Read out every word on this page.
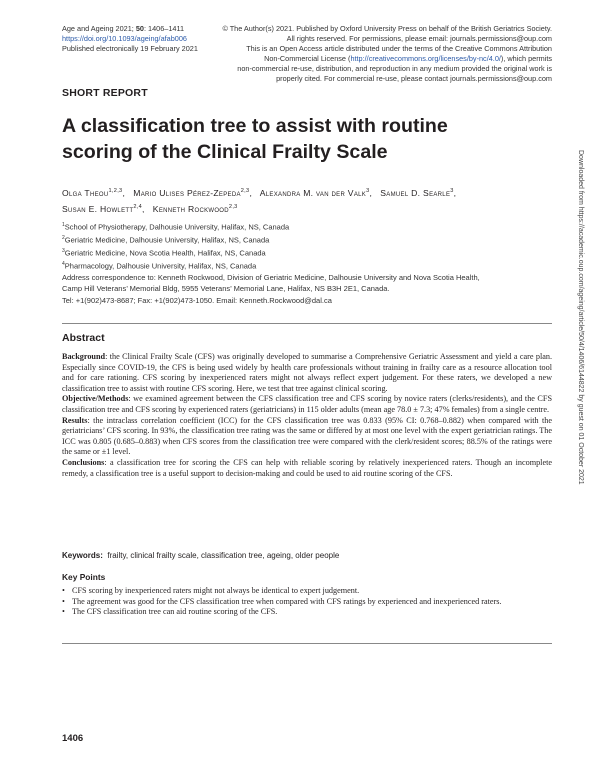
Age and Ageing 2021; 50: 1406–1411
https://doi.org/10.1093/ageing/afab006
Published electronically 19 February 2021
© The Author(s) 2021. Published by Oxford University Press on behalf of the British Geriatrics Society.
All rights reserved. For permissions, please email: journals.permissions@oup.com
This is an Open Access article distributed under the terms of the Creative Commons Attribution
Non-Commercial License (http://creativecommons.org/licenses/by-nc/4.0/), which permits
non-commercial re-use, distribution, and reproduction in any medium provided the original work is
properly cited. For commercial re-use, please contact journals.permissions@oup.com
SHORT REPORT
A classification tree to assist with routine
scoring of the Clinical Frailty Scale
Olga Theou$^{1,2,3}$,   Mario Ulises Pérez-Zepeda$^{2,3}$,   Alexandra M. van der Valk$^3$,   Samuel D. Searle$^3$,
Susan E. Howlett$^{2,4}$,   Kenneth Rockwood$^{2,3}$
$^1$School of Physiotherapy, Dalhousie University, Halifax, NS, Canada
$^2$Geriatric Medicine, Dalhousie University, Halifax, NS, Canada
$^3$Geriatric Medicine, Nova Scotia Health, Halifax, NS, Canada
$^4$Pharmacology, Dalhousie University, Halifax, NS, Canada
Address correspondence to: Kenneth Rockwood, Division of Geriatric Medicine, Dalhousie University and Nova Scotia Health,
Camp Hill Veterans’ Memorial Bldg, 5955 Veterans’ Memorial Lane, Halifax, NS B3H 2E1, Canada.
Tel: +1(902)473-8687; Fax: +1(902)473-1050. Email: Kenneth.Rockwood@dal.ca
Abstract

Background: the Clinical Frailty Scale (CFS) was originally developed to summarise a Comprehensive Geriatric Assessment and yield a care plan. Especially since COVID-19, the CFS is being used widely by health care professionals without training in frailty care as a resource allocation tool and for care rationing. CFS scoring by inexperienced raters might not always reflect expert judgement. For these raters, we developed a new classification tree to assist with routine CFS scoring. Here, we test that tree against clinical scoring.

Objective/Methods: we examined agreement between the CFS classification tree and CFS scoring by novice raters (clerks/residents), and the CFS classification tree and CFS scoring by experienced raters (geriatricians) in 115 older adults (mean age 78.0 ± 7.3; 47% females) from a single centre.

Results: the intraclass correlation coefficient (ICC) for the CFS classification tree was 0.833 (95% CI: 0.768–0.882) when compared with the geriatricians’ CFS scoring. In 93%, the classification tree rating was the same or differed by at most one level with the expert geriatrician ratings. The ICC was 0.805 (0.685–0.883) when CFS scores from the classification tree were compared with the clerk/resident scores; 88.5% of the ratings were the same or ±1 level.

Conclusions: a classification tree for scoring the CFS can help with reliable scoring by relatively inexperienced raters. Though an incomplete remedy, a classification tree is a useful support to decision-making and could be used to aid routine scoring of the CFS.

Keywords: frailty, clinical frailty scale, classification tree, ageing, older people
Key Points
• CFS scoring by inexperienced raters might not always be identical to expert judgement.
• The agreement was good for the CFS classification tree when compared with CFS ratings by experienced and inexperienced raters.
• The CFS classification tree can aid routine scoring of the CFS.
1406
Downloaded from https://academic.oup.com/ageing/article/50/4/1406/6144822 by guest on 01 October 2021
